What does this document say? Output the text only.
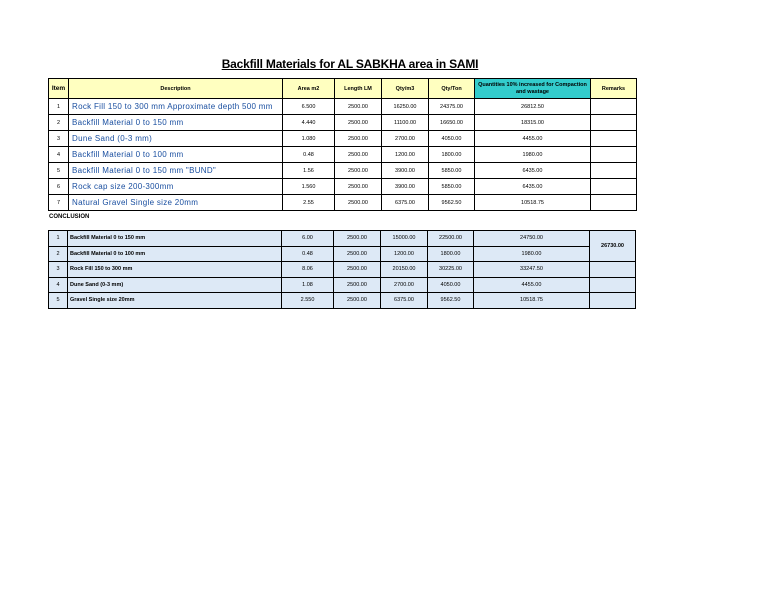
Backfill Materials for AL SABKHA area in SAMI
Item	Description	Area m2	Length LM	Qty/m3	Qty/Ton	Quantities 10% increased for Compaction and wastage	Remarks
1	Rock Fill 150 to 300 mm Approximate depth 500 mm	6.500	2500.00	16250.00	24375.00	26812.50	
2	Backfill Material 0 to 150 mm	4.440	2500.00	11100.00	16650.00	18315.00	
3	Dune Sand (0-3 mm)	1.080	2500.00	2700.00	4050.00	4455.00	
4	Backfill Material 0 to 100 mm	0.48	2500.00	1200.00	1800.00	1980.00	
5	Backfill Material 0 to 150 mm "BUND"	1.56	2500.00	3900.00	5850.00	6435.00	
6	Rock cap size 200-300mm	1.560	2500.00	3900.00	5850.00	6435.00	
7	Natural Gravel Single size 20mm	2.55	2500.00	6375.00	9562.50	10518.75	
CONCLUSION
1	Backfill Material 0 to 150 mm	6.00	2500.00	15000.00	22500.00	24750.00	26730.00
2	Backfill Material 0 to 100 mm	0.48	2500.00	1200.00	1800.00	1980.00	
3	Rock Fill 150 to 300 mm	8.06	2500.00	20150.00	30225.00	33247.50	
4	Dune Sand (0-3 mm)	1.08	2500.00	2700.00	4050.00	4455.00	
5	Gravel Single size 20mm	2.550	2500.00	6375.00	9562.50	10518.75	
